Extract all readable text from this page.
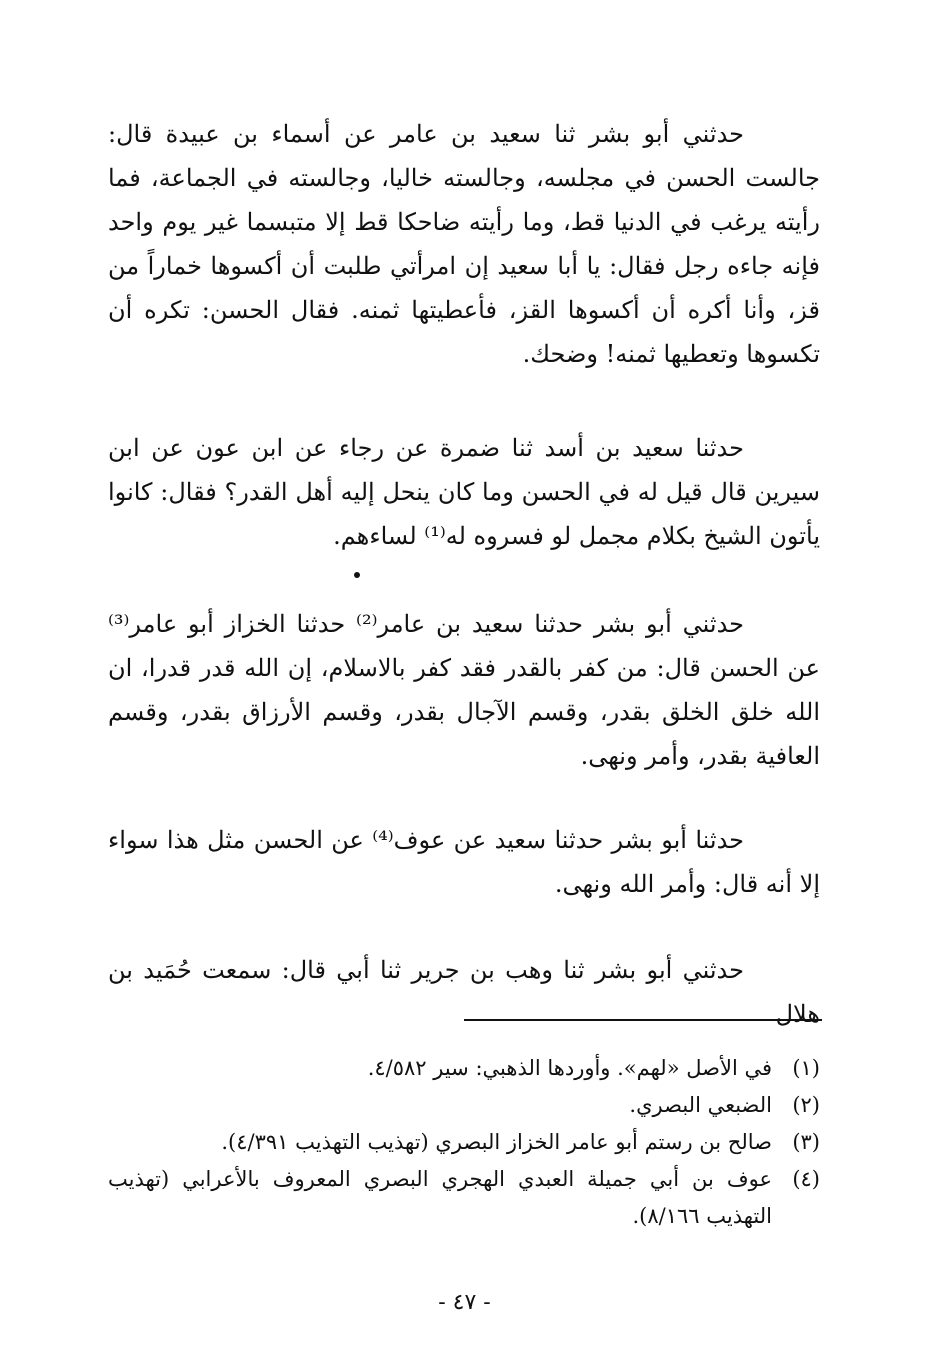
حدثني أبو بشر ثنا سعيد بن عامر عن أسماء بن عبيدة قال: جالست الحسن في مجلسه، وجالسته خاليا، وجالسته في الجماعة، فما رأيته يرغب في الدنيا قط، وما رأيته ضاحكا قط إلا متبسما غير يوم واحد فإنه جاءه رجل فقال: يا أبا سعيد إن امرأتي طلبت أن أكسوها خماراً من قز، وأنا أكره أن أكسوها القز، فأعطيتها ثمنه. فقال الحسن: تكره أن تكسوها وتعطيها ثمنه! وضحك.

حدثنا سعيد بن أسد ثنا ضمرة عن رجاء عن ابن عون عن ابن سيرين قال قيل له في الحسن وما كان ينحل إليه أهل القدر؟ فقال: كانوا يأتون الشيخ بكلام مجمل لو فسروه له⁽¹⁾ لساءهم.

حدثني أبو بشر حدثنا سعيد بن عامر⁽²⁾ حدثنا الخزاز أبو عامر⁽³⁾ عن الحسن قال: من كفر بالقدر فقد كفر بالاسلام، إن الله قدر قدرا، ان الله خلق الخلق بقدر، وقسم الآجال بقدر، وقسم الأرزاق بقدر، وقسم العافية بقدر، وأمر ونهى.

حدثنا أبو بشر حدثنا سعيد عن عوف⁽⁴⁾ عن الحسن مثل هذا سواء إلا أنه قال: وأمر الله ونهى.

حدثني أبو بشر ثنا وهب بن جرير ثنا أبي قال: سمعت حُمَيد بن هلال

(١)
في الأصل «لهم». وأوردها الذهبي: سير ٤/٥٨٢.
(٢)
الضبعي البصري.
(٣)
صالح بن رستم أبو عامر الخزاز البصري (تهذيب التهذيب ٤/٣٩١).
(٤)
عوف بن أبي جميلة العبدي الهجري البصري المعروف بالأعرابي (تهذيب التهذيب ٨/١٦٦).
- ٤٧ -
